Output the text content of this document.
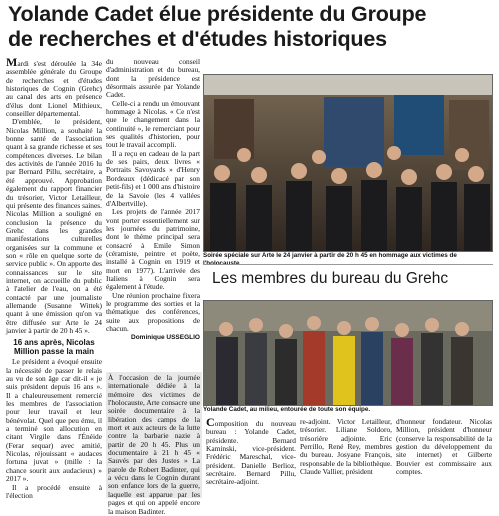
Yolande Cadet élue présidente du Groupe
de recherches et d'études historiques

Mardi s'est déroulée la 34e assemblée générale du Groupe de recherches et d'études historiques de Cognin (Grehc) au canal des arts en présence d'élus dont Lionel Mithieux, conseiller départemental.

D'emblée, le président, Nicolas Million, a souhaité la bonne santé de l'association quant à sa grande richesse et ses compétences diverses. Le bilan des activités de l'année 2016 lu par Bernard Pillu, secrétaire, a été approuvé. Approbation également du rapport financier du trésorier, Victor Letailleur, qui présente des finances saines. Nicolas Million a souligné en conclusion la présence du Grehc dans les grandes manifestations culturelles organisées sur la commune et son « rôle en quelque sorte de service public ». On apporte des connaissances sur le site internet, on accueille du public à l'atelier de l'eau, on a été contacté par une journaliste allemande (Susanne Wittek) quant à une émission qu'on va être diffusée sur Arte le 24 janvier à partir de 20 h 45 ».

16 ans après, Nicolas Million passe la main

Le président a évoqué ensuite la nécessité de passer le relais au vu de son âge car dit-il « je suis président depuis 16 ans ». Il a chaleureusement remercié les membres de l'association pour leur travail et leur bénévolat. Quel que peu ému, il a terminé son allocution en citant Virgile dans l'Énéide (Ferar sequar) avec amitié, Nicolas, réjouissant « audaces fortuna juvat » (mille : la chance sourit aux audacieux) » 2017 ».

Il a procédé ensuite à l'élection

du nouveau conseil d'administration et du bureau, dont la présidence est désormais assurée par Yolande Cadet.

Celle-ci a rendu un émouvant hommage à Nicolas. « Ce n'est que le changement dans la continuité », le remerciant pour ses qualités d'historien, pour tout le travail accompli.

Il a reçu en cadeau de la part de ses pairs, deux livres « Portraits Savoyards » d'Henry Bordeaux (dédicacé par son petit-fils) et 1 000 ans d'histoire de la Savoie (les 4 vallées d'Albertville).

Les projets de l'année 2017 vont porter essentiellement sur les journées du patrimoine, dont le thème principal sera consacré à Emile Simon (céramiste, peintre et poète, installé à Cognin en 1919 et mort en 1977). L'arrivée des Italiens à Cognin sera également à l'étude.

Une réunion prochaine fixera le programme des sorties et la thématique des conférences, suite aux propositions de chacun.

Dominique USSEGLIO
Soirée spéciale sur Arte le 24 janvier à partir de 20 h 45 en hommage aux victimes de
Les membres du bureau du Grehc
Yolande Cadet, au milieu, entourée de toute son équipe.

À l'occasion de la journée internationale dédiée à la mémoire des victimes de l'holocauste, Arte consacre une soirée documentaire à la libération des camps de la mort et aux acteurs de la lutte contre la barbarie nazie à partir de 20 h 45. Plus un documentaire à 21 h 45 « Sauvés par des Justes » La parole de Robert Badinter, qui a vécu dans le Cognin durant son enfance lors de la guerre, laquelle est apparue par les pages et qui on appelé encore la maison Badinter.

Composition du nouveau bureau : Yolande Cadet, présidente. Bernard Kaminski, vice-président. Frédéric Mareschal, vice-président. Danielle Berlioz, secrétaire. Bernard Pillu, secrétaire-adjoint.

re-adjoint. Victor Letailleur, trésorier. Liliane Soldoro, trésorière adjointe. Eric Perrillo, René Rey, membres du bureau. Josyane François, responsable de la bibliothèque. Claude Vallier, président

d'honneur fondateur. Nicolas Million, président d'honneur (conserve la responsabilité de la gestion du développement du site internet) et Gilberte Bouvier est commissaire aux comptes.
